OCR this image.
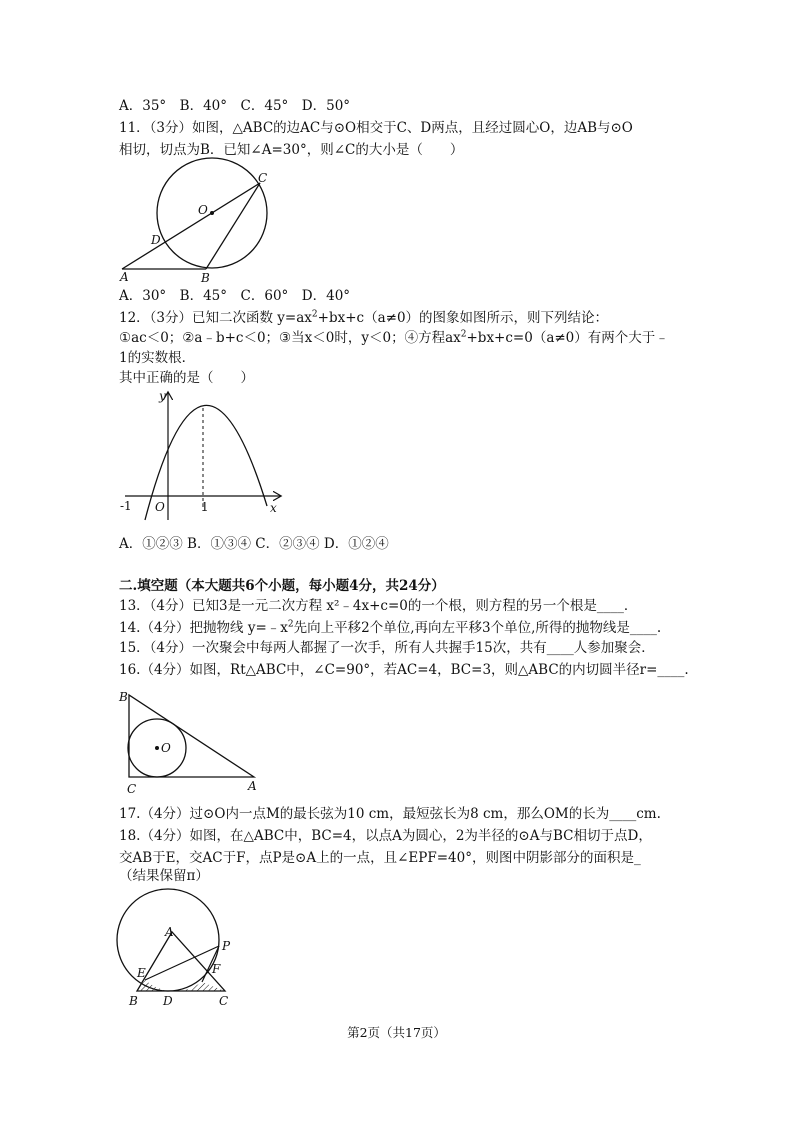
A．35°　B．40°　C．45°　D．50°
11．（3分）如图，△ABC的边AC与⊙O相交于C、D两点，且经过圆心O，边AB与⊙O
相切，切点为B．已知∠A=30°，则∠C的大小是（　　）
C
O
D
A	B
A．30°　B．45°　C．60°　D．40°
12．（3分）已知二次函数 $y=ax^2+bx+c(a\ne 0)$的图象如图所示，则下列结论：
①ac＜0；②a﹣b+c＜0；③当x＜0时，y＜0；④方程$ax^2+bx+c=0(a\ne 0)$有两个大于﹣
1的实数根．
其中正确的是（　　）
y
x
-1 O	1
A．①②③ B．①③④ C．②③④ D．①②④
二.填空题（本大题共6个小题，每小题4分，共24分）
13．（4分）已知3是一元二次方程 x²﹣4x+c=0的一个根，则方程的另一个根是____．
14.（4分）把抛物线 $y=﹣x^2$先向上平移2个单位,再向左平移3个单位,所得的抛物线是____.
15．（4分）一次聚会中每两人都握了一次手，所有人共握手15次，共有____人参加聚会．
16.（4分）如图，Rt△ABC中，∠C=90°，若AC=4，BC=3，则△ABC的内切圆半径r=____.
B
O
C	A
17.（4分）过⊙O内一点M的最长弦为10 cm，最短弦长为8 cm，那么OM的长为____cm.
18.（4分）如图，在△ABC中，BC=4，以点A为圆心，2为半径的⊙A与BC相切于点D，
交AB于E，交AC于F，点P是⊙A上的一点，且∠EPF=40°，则图中阴影部分的面积是_
（结果保留π）
A
P
E	F
B D	C
第2页（共17页）
